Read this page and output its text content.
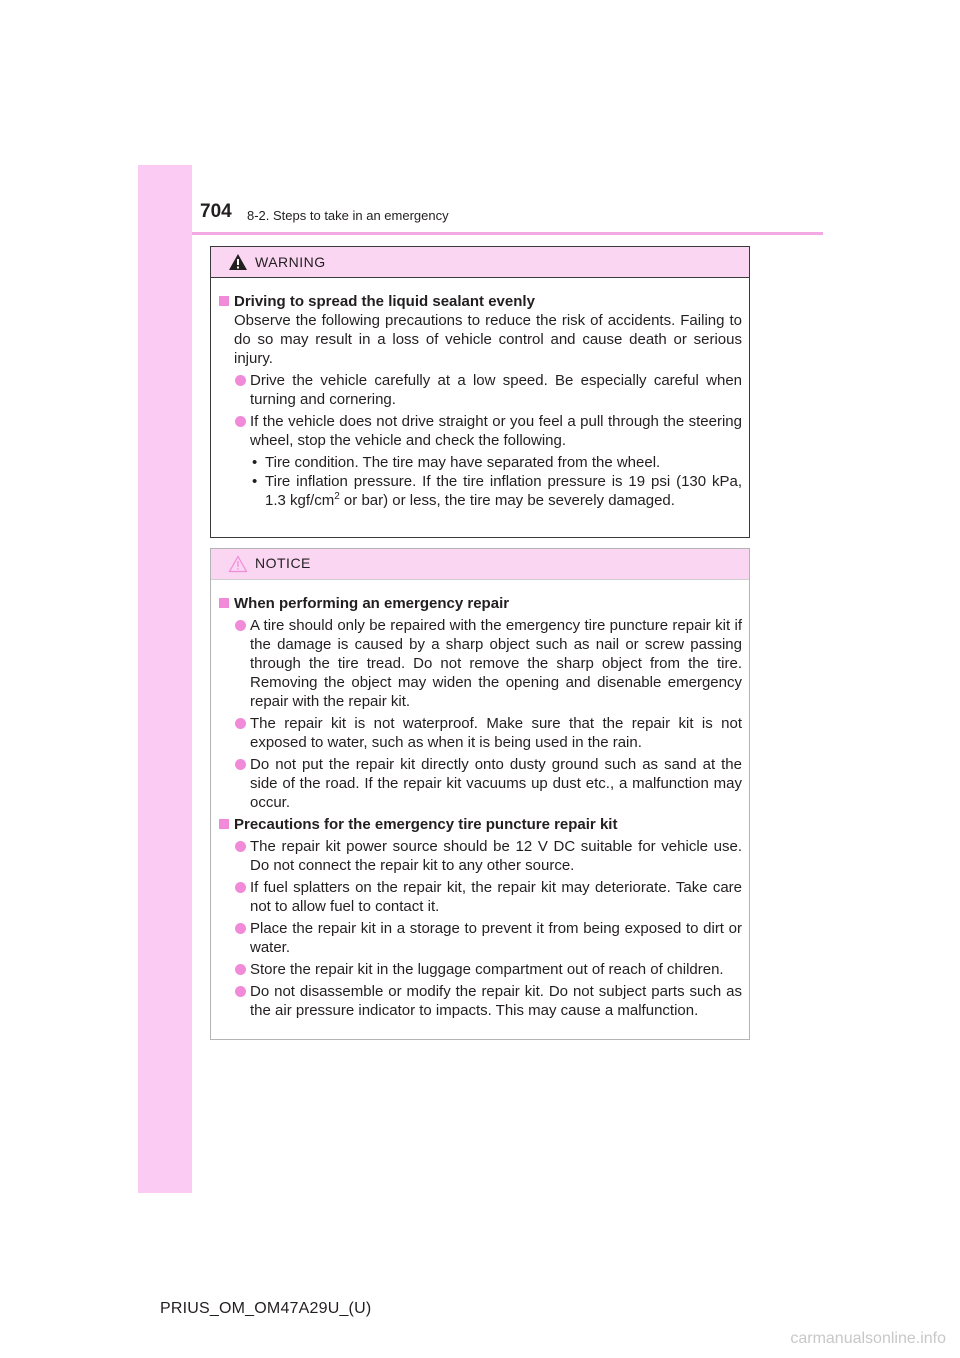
704 8-2. Steps to take in an emergency
WARNING
Driving to spread the liquid sealant evenly
Observe the following precautions to reduce the risk of accidents. Failing to do so may result in a loss of vehicle control and cause death or serious injury.
Drive the vehicle carefully at a low speed. Be especially careful when turning and cornering.
If the vehicle does not drive straight or you feel a pull through the steering wheel, stop the vehicle and check the following.
• Tire condition. The tire may have separated from the wheel.
• Tire inflation pressure. If the tire inflation pressure is 19 psi (130 kPa, 1.3 kgf/$cm^2$ or bar) or less, the tire may be severely damaged.
NOTICE
When performing an emergency repair
A tire should only be repaired with the emergency tire puncture repair kit if the damage is caused by a sharp object such as nail or screw passing through the tire tread. Do not remove the sharp object from the tire. Removing the object may widen the opening and disenable emergency repair with the repair kit.
The repair kit is not waterproof. Make sure that the repair kit is not exposed to water, such as when it is being used in the rain.
Do not put the repair kit directly onto dusty ground such as sand at the side of the road. If the repair kit vacuums up dust etc., a malfunction may occur.
Precautions for the emergency tire puncture repair kit
The repair kit power source should be 12 V DC suitable for vehicle use. Do not connect the repair kit to any other source.
If fuel splatters on the repair kit, the repair kit may deteriorate. Take care not to allow fuel to contact it.
Place the repair kit in a storage to prevent it from being exposed to dirt or water.
Store the repair kit in the luggage compartment out of reach of children.
Do not disassemble or modify the repair kit. Do not subject parts such as the air pressure indicator to impacts. This may cause a malfunction.
PRIUS_OM_OM47A29U_(U)
carmanualsonline.info
